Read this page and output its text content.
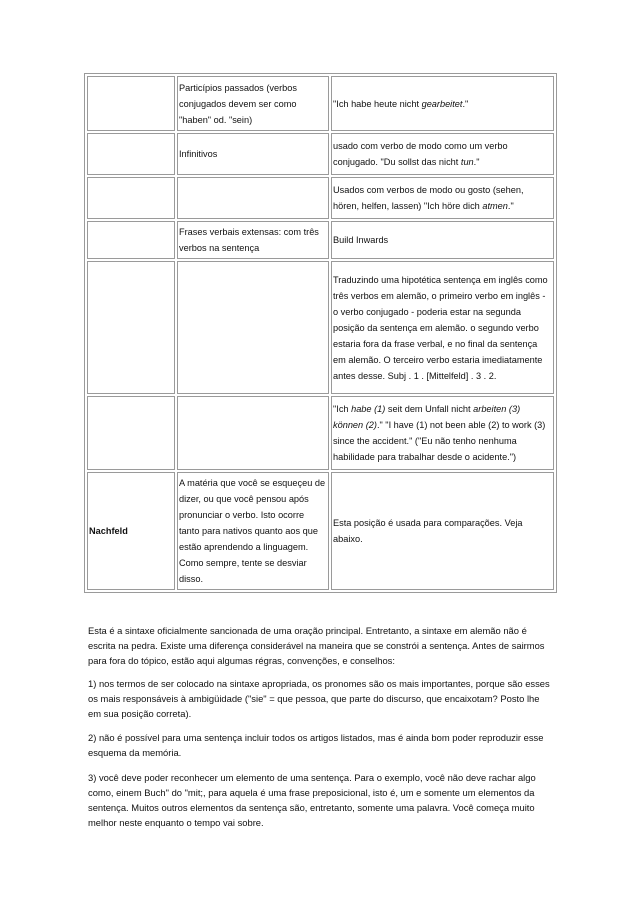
	Particípios passados (verbos conjugados devem ser como "haben" od. "sein)	"Ich habe heute nicht gearbeitet."
	Infinitivos	usado com verbo de modo como um verbo conjugado. "Du sollst das nicht tun."
		Usados com verbos de modo ou gosto (sehen, hören, helfen, lassen) "Ich höre dich atmen."
	Frases verbais extensas: com três verbos na sentença	Build Inwards
		Traduzindo uma hipotética sentença em inglês como três verbos em alemão, o primeiro verbo em inglês - o verbo conjugado - poderia estar na segunda posição da sentença em alemão. o segundo verbo estaria fora da frase verbal, e no final da sentença em alemão. O terceiro verbo estaria imediatamente antes desse. Subj . 1 . [Mittelfeld] . 3 . 2.
		"Ich habe (1) seit dem Unfall nicht arbeiten (3) können (2)." "I have (1) not been able (2) to work (3) since the accident." ("Eu não tenho nenhuma habilidade para trabalhar desde o acidente.")
Nachfeld	A matéria que você se esqueçeu de dizer, ou que você pensou após pronunciar o verbo. Isto ocorre tanto para nativos quanto aos que estão aprendendo a linguagem. Como sempre, tente se desviar disso.	Esta posição é usada para comparações. Veja abaixo.

Esta é a sintaxe oficialmente sancionada de uma oração principal. Entretanto, a sintaxe em alemão não é escrita na pedra. Existe uma diferença considerável na maneira que se constrói a sentença. Antes de sairmos para fora do tópico, estão aqui algumas régras, convenções, e conselhos:

1) nos termos de ser colocado na sintaxe apropriada, os pronomes são os mais importantes, porque são esses os mais responsáveis à ambigüidade ("sie" = que pessoa, que parte do discurso, que encaixotam? Posto lhe em sua posição correta).

2) não é possível para uma sentença incluir todos os artigos listados, mas é ainda bom poder reproduzir esse esquema da memória.

3) você deve poder reconhecer um elemento de uma sentença. Para o exemplo, você não deve rachar algo como, einem Buch" do "mit;, para aquela é uma frase preposicional, isto é, um e somente um elementos da sentença. Muitos outros elementos da sentença são, entretanto, somente uma palavra. Você começa muito melhor neste enquanto o tempo vai sobre.
